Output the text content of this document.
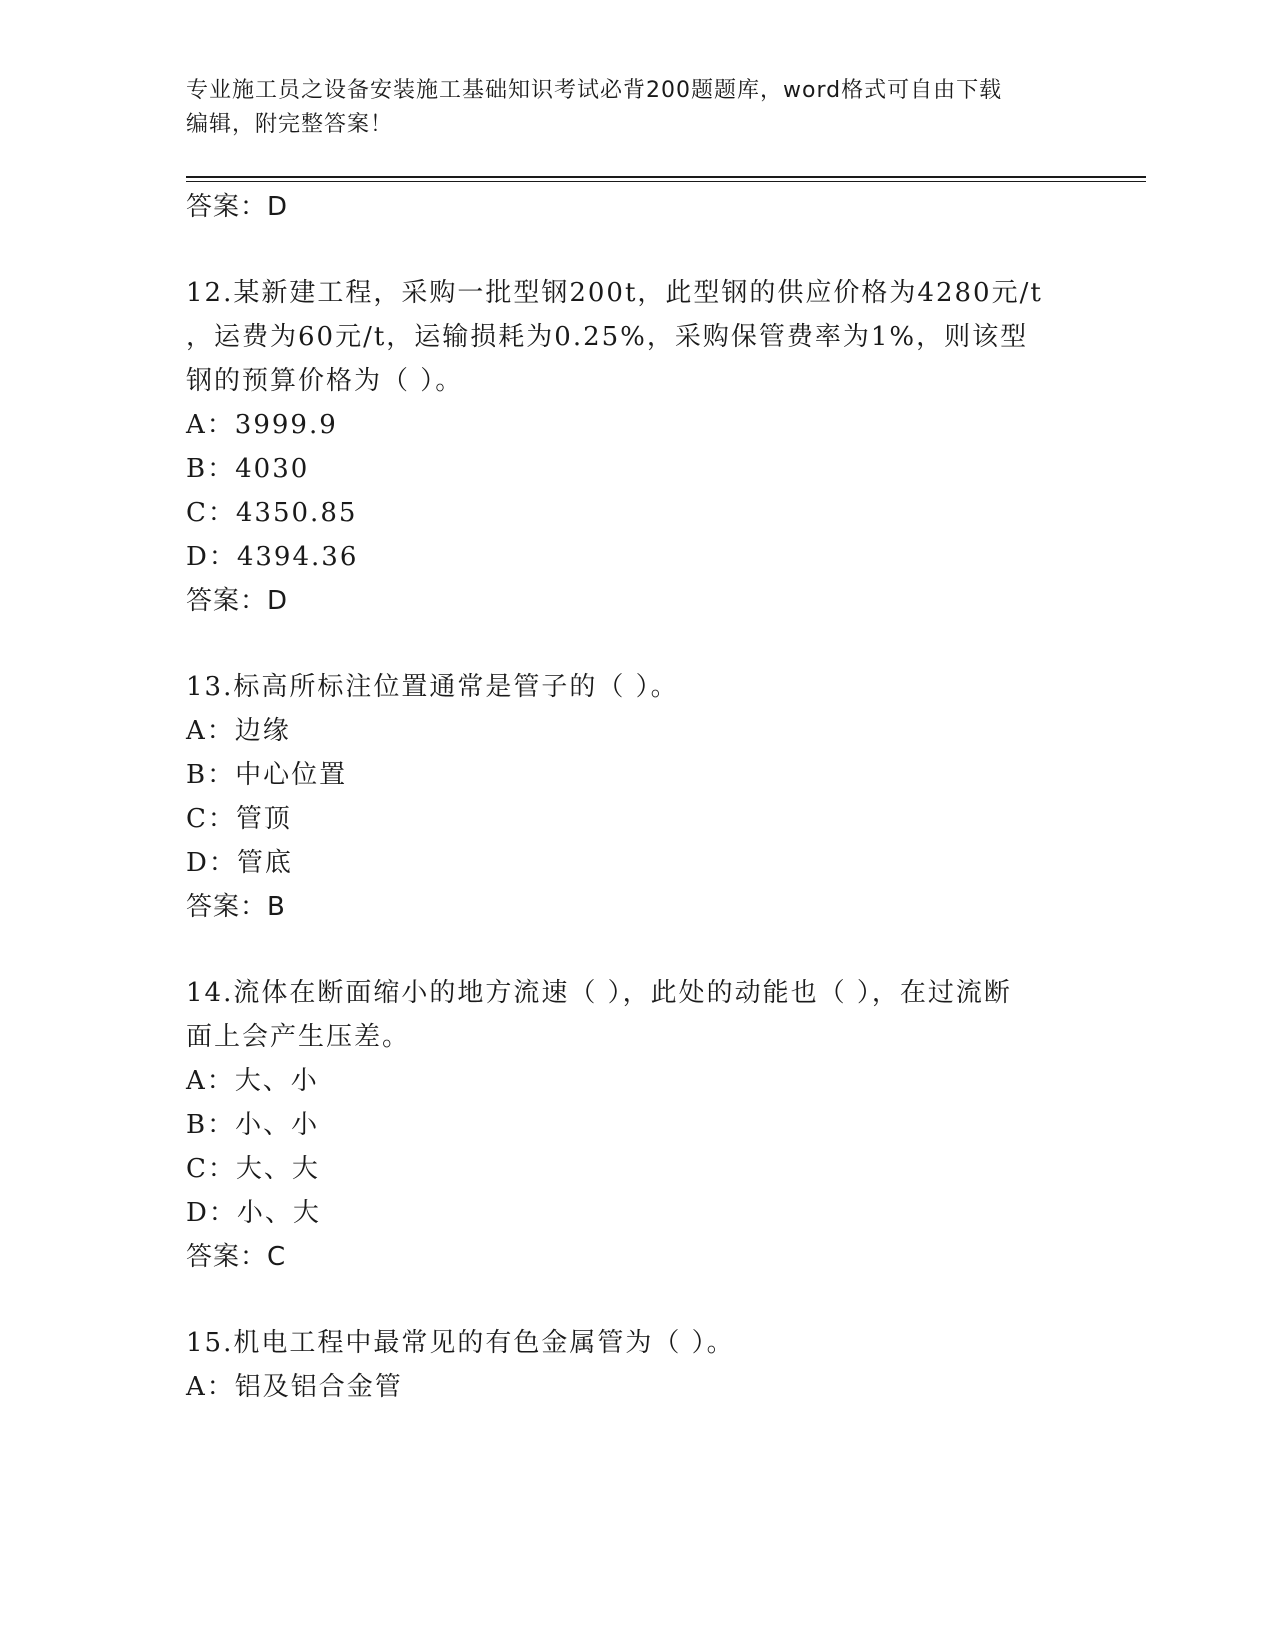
专业施工员之设备安装施工基础知识考试必背200题题库，word格式可自由下载
编辑，附完整答案！
答案：D
12.某新建工程，采购一批型钢200t，此型钢的供应价格为4280元/t
，运费为60元/t，运输损耗为0.25%，采购保管费率为1%，则该型
钢的预算价格为（ ）。
A：3999.9
B：4030
C：4350.85
D：4394.36
答案：D
13.标高所标注位置通常是管子的（ ）。
A：边缘
B：中心位置
C：管顶
D：管底
答案：B
14.流体在断面缩小的地方流速（ ），此处的动能也（ ），在过流断
面上会产生压差。
A：大、小
B：小、小
C：大、大
D：小、大
答案：C
15.机电工程中最常见的有色金属管为（ ）。
A：铝及铝合金管
